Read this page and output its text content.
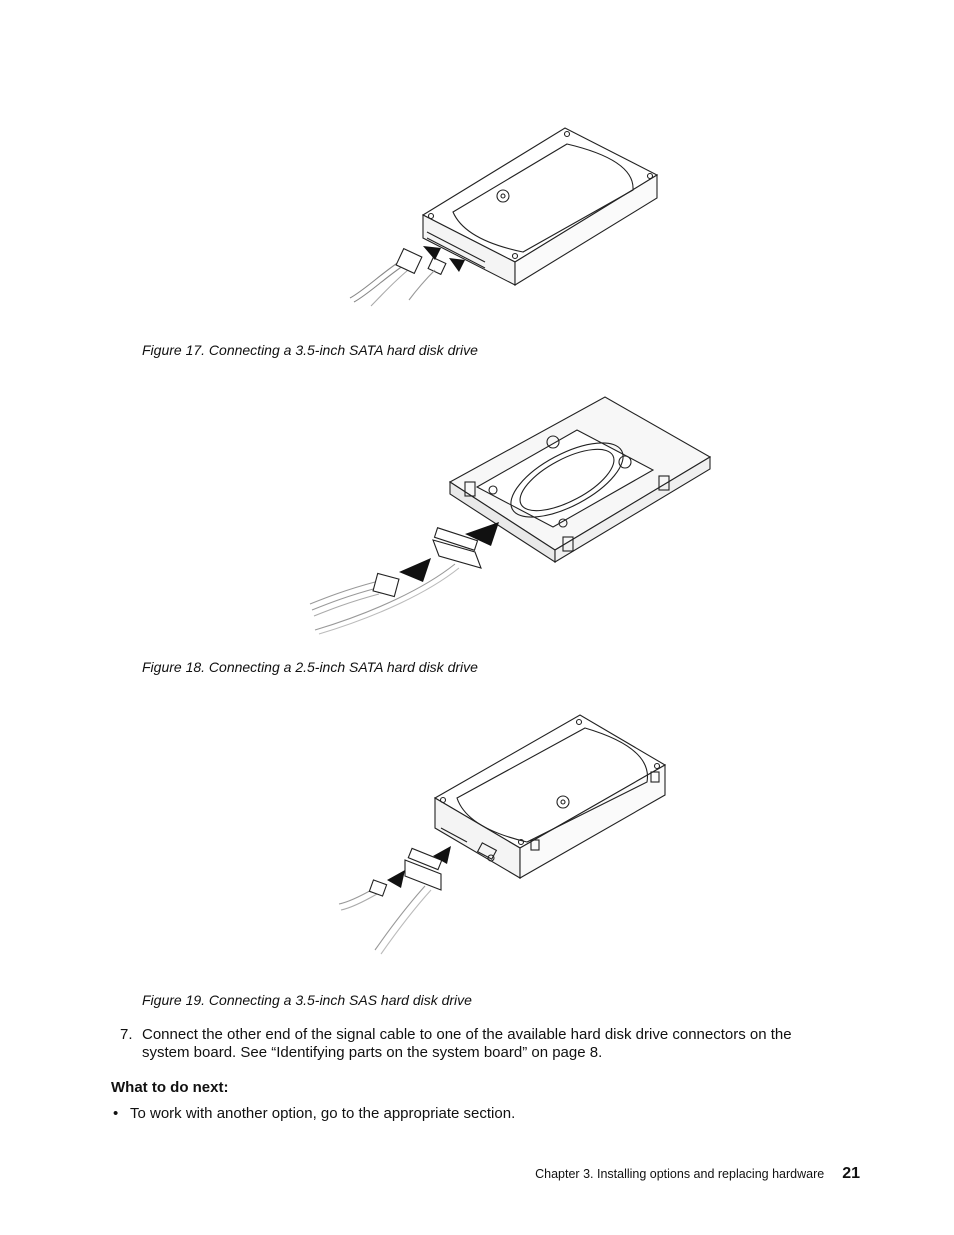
Figure 17. Connecting a 3.5-inch SATA hard disk drive
Figure 18. Connecting a 2.5-inch SATA hard disk drive
Figure 19. Connecting a 3.5-inch SAS hard disk drive
7. Connect the other end of the signal cable to one of the available hard disk drive connectors on the system board. See “Identifying parts on the system board” on page 8.
What to do next:
• To work with another option, go to the appropriate section.
Chapter 3. Installing options and replacing hardware 21
